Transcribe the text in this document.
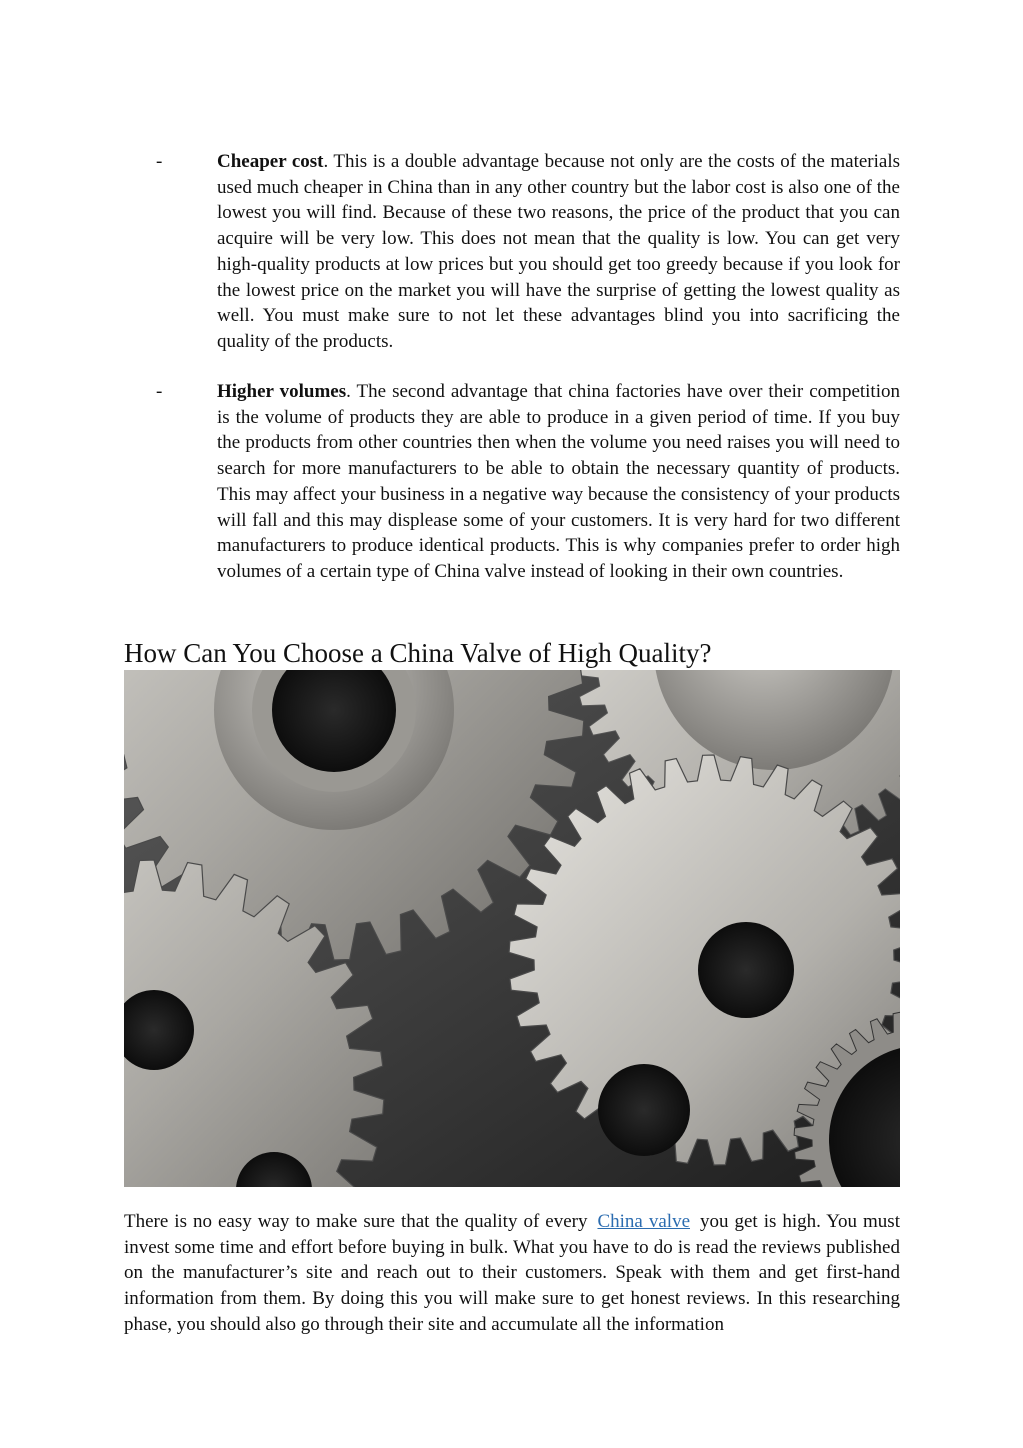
-	Cheaper cost. This is a double advantage because not only are the costs of the materials used much cheaper in China than in any other country but the labor cost is also one of the lowest you will find. Because of these two reasons, the price of the product that you can acquire will be very low. This does not mean that the quality is low. You can get very high-quality products at low prices but you should get too greedy because if you look for the lowest price on the market you will have the surprise of getting the lowest quality as well. You must make sure to not let these advantages blind you into sacrificing the quality of the products.
-	Higher volumes. The second advantage that china factories have over their competition is the volume of products they are able to produce in a given period of time. If you buy the products from other countries then when the volume you need raises you will need to search for more manufacturers to be able to obtain the necessary quantity of products. This may affect your business in a negative way because the consistency of your products will fall and this may displease some of your customers. It is very hard for two different manufacturers to produce identical products. This is why companies prefer to order high volumes of a certain type of China valve instead of looking in their own countries.
How Can You Choose a China Valve of High Quality?

There is no easy way to make sure that the quality of every China valve you get is high. You must invest some time and effort before buying in bulk. What you have to do is read the reviews published on the manufacturer’s site and reach out to their customers. Speak with them and get first-hand information from them. By doing this you will make sure to get honest reviews. In this researching phase, you should also go through their site and accumulate all the information
